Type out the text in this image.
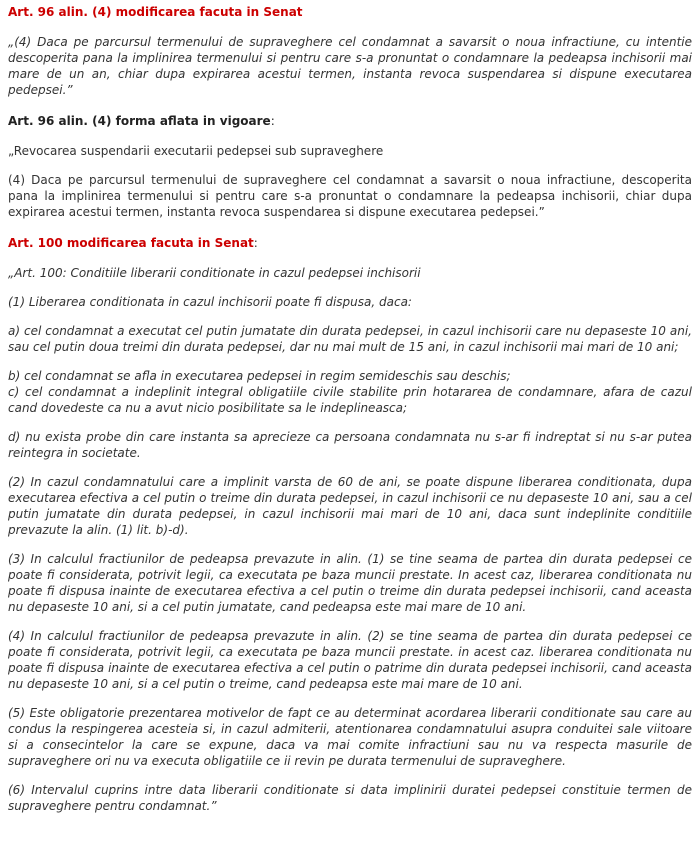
Art. 96 alin. (4) modificarea facuta in Senat

„(4) Daca pe parcursul termenului de supraveghere cel condamnat a savarsit o noua infractiune, cu intentie descoperita pana la implinirea termenului si pentru care s-a pronuntat o condamnare la pedeapsa inchisorii mai mare de un an, chiar dupa expirarea acestui termen, instanta revoca suspendarea si dispune executarea pedepsei.”

Art. 96 alin. (4) forma aflata in vigoare:

„Revocarea suspendarii executarii pedepsei sub supraveghere

(4) Daca pe parcursul termenului de supraveghere cel condamnat a savarsit o noua infractiune, descoperita pana la implinirea termenului si pentru care s-a pronuntat o condamnare la pedeapsa inchisorii, chiar dupa expirarea acestui termen, instanta revoca suspendarea si dispune executarea pedepsei.”

Art. 100 modificarea facuta in Senat:

„Art. 100: Conditiile liberarii conditionate in cazul pedepsei inchisorii

(1) Liberarea conditionata in cazul inchisorii poate fi dispusa, daca:

a) cel condamnat a executat cel putin jumatate din durata pedepsei, in cazul inchisorii care nu depaseste 10 ani, sau cel putin doua treimi din durata pedepsei, dar nu mai mult de 15 ani, in cazul inchisorii mai mari de 10 ani;

b) cel condamnat se afla in executarea pedepsei in regim semideschis sau deschis;

c) cel condamnat a indeplinit integral obligatiile civile stabilite prin hotararea de condamnare, afara de cazul cand dovedeste ca nu a avut nicio posibilitate sa le indeplineasca;

d) nu exista probe din care instanta sa aprecieze ca persoana condamnata nu s-ar fi indreptat si nu s-ar putea reintegra in societate.

(2) In cazul condamnatului care a implinit varsta de 60 de ani, se poate dispune liberarea conditionata, dupa executarea efectiva a cel putin o treime din durata pedepsei, in cazul inchisorii ce nu depaseste 10 ani, sau a cel putin jumatate din durata pedepsei, in cazul inchisorii mai mari de 10 ani, daca sunt indeplinite conditiile prevazute la alin. (1) lit. b)-d).

(3) In calculul fractiunilor de pedeapsa prevazute in alin. (1) se tine seama de partea din durata pedepsei ce poate fi considerata, potrivit legii, ca executata pe baza muncii prestate. In acest caz, liberarea conditionata nu poate fi dispusa inainte de executarea efectiva a cel putin o treime din durata pedepsei inchisorii, cand aceasta nu depaseste 10 ani, si a cel putin jumatate, cand pedeapsa este mai mare de 10 ani.

(4) In calculul fractiunilor de pedeapsa prevazute in alin. (2) se tine seama de partea din durata pedepsei ce poate fi considerata, potrivit legii, ca executata pe baza muncii prestate. in acest caz. liberarea conditionata nu poate fi dispusa inainte de executarea efectiva a cel putin o patrime din durata pedepsei inchisorii, cand aceasta nu depaseste 10 ani, si a cel putin o treime, cand pedeapsa este mai mare de 10 ani.

(5) Este obligatorie prezentarea motivelor de fapt ce au determinat acordarea liberarii conditionate sau care au condus la respingerea acesteia si, in cazul admiterii, atentionarea condamnatului asupra conduitei sale viitoare si a consecintelor la care se expune, daca va mai comite infractiuni sau nu va respecta masurile de supraveghere ori nu va executa obligatiile ce ii revin pe durata termenului de supraveghere.

(6) Intervalul cuprins intre data liberarii conditionate si data implinirii duratei pedepsei constituie termen de supraveghere pentru condamnat.”
